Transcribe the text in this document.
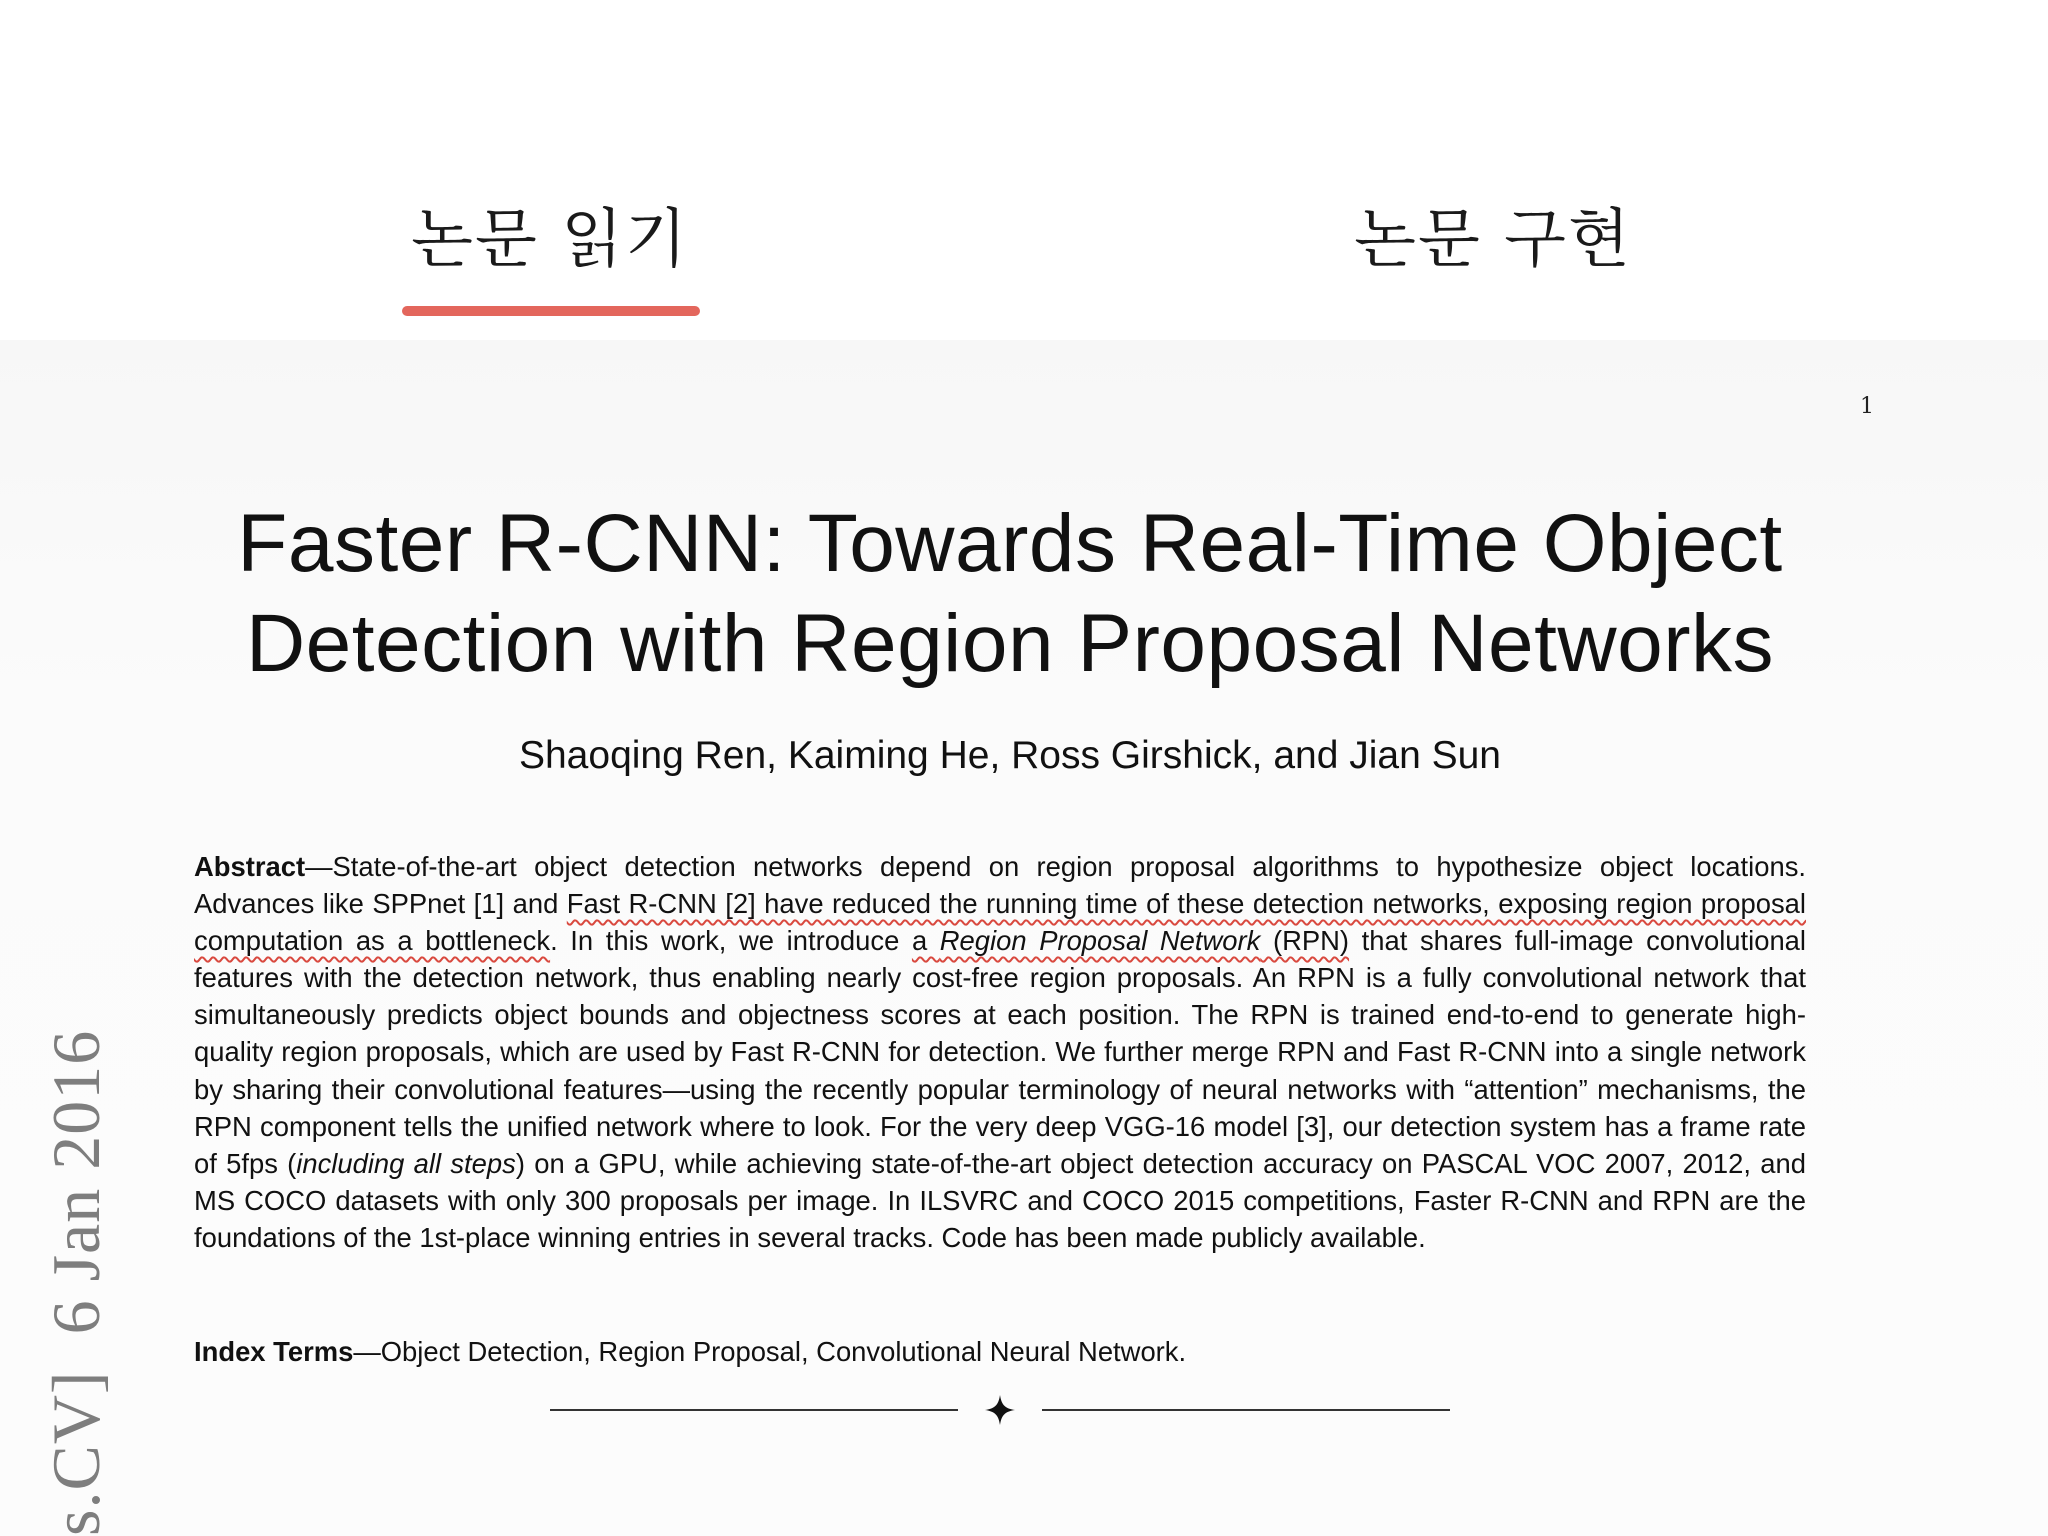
논문 읽기	논문 구현
1
Faster R-CNN: Towards Real-Time Object
Detection with Region Proposal Networks
Shaoqing Ren, Kaiming He, Ross Girshick, and Jian Sun
Abstract—State-of-the-art object detection networks depend on region proposal algorithms to hypothesize object locations. Advances like SPPnet [1] and Fast R-CNN [2] have reduced the running time of these detection networks, exposing region proposal computation as a bottleneck. In this work, we introduce a Region Proposal Network (RPN) that shares full-image convolutional features with the detection network, thus enabling nearly cost-free region proposals. An RPN is a fully convolutional network that simultaneously predicts object bounds and objectness scores at each position. The RPN is trained end-to-end to generate high-quality region proposals, which are used by Fast R-CNN for detection. We further merge RPN and Fast R-CNN into a single network by sharing their convolutional features—using the recently popular terminology of neural networks with “attention” mechanisms, the RPN component tells the unified network where to look. For the very deep VGG-16 model [3], our detection system has a frame rate of 5fps (including all steps) on a GPU, while achieving state-of-the-art object detection accuracy on PASCAL VOC 2007, 2012, and MS COCO datasets with only 300 proposals per image. In ILSVRC and COCO 2015 competitions, Faster R-CNN and RPN are the foundations of the 1st-place winning entries in several tracks. Code has been made publicly available.
Index Terms—Object Detection, Region Proposal, Convolutional Neural Network.
s.CV]  6 Jan 2016
